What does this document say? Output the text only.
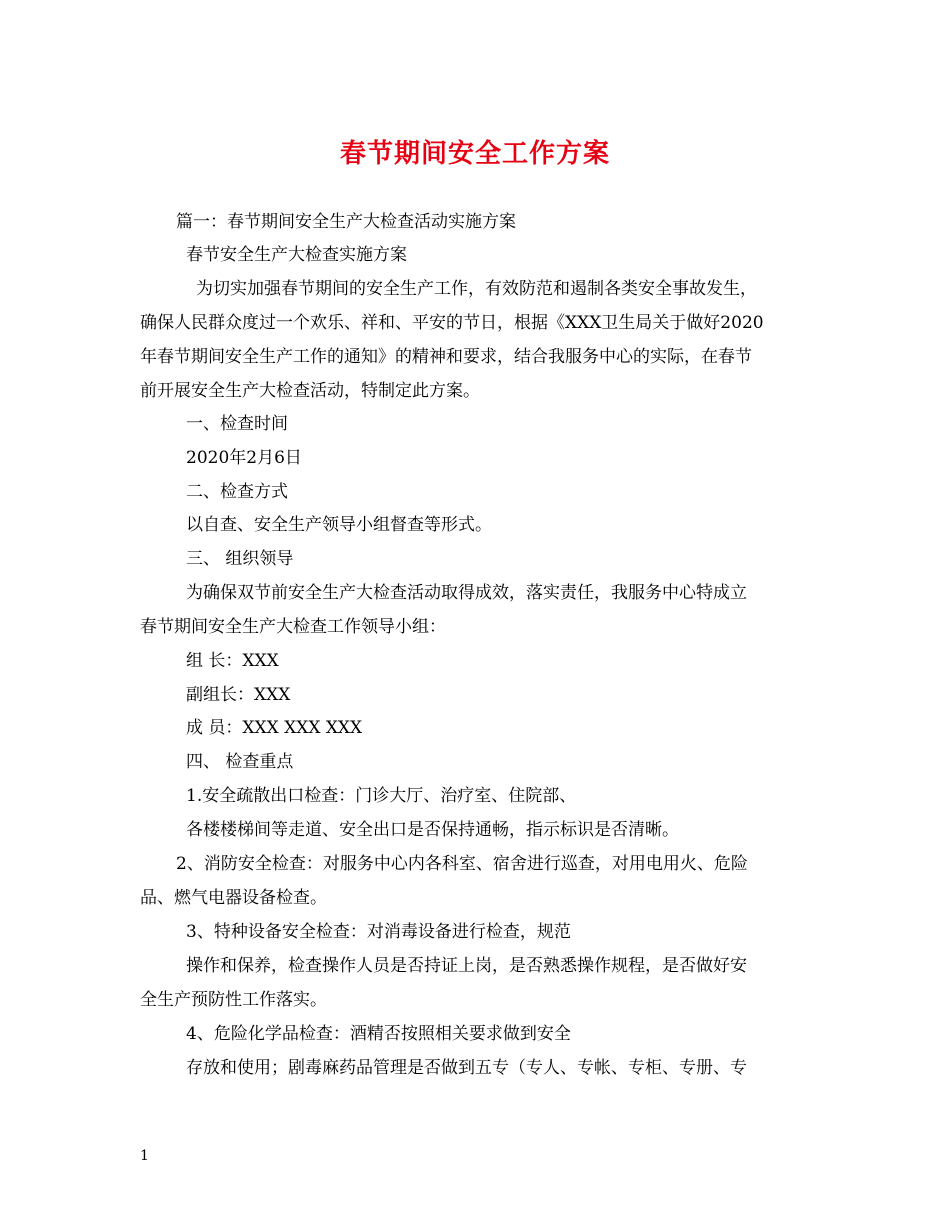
春节期间安全工作方案
篇一：春节期间安全生产大检查活动实施方案
春节安全生产大检查实施方案
为切实加强春节期间的安全生产工作，有效防范和遏制各类安全事故发生，
确保人民群众度过一个欢乐、祥和、平安的节日，根据《XXX卫生局关于做好2020
年春节期间安全生产工作的通知》的精神和要求，结合我服务中心的实际，在春节
前开展安全生产大检查活动，特制定此方案。
一、检查时间
2020年2月6日
二、检查方式
以自查、安全生产领导小组督查等形式。
三、 组织领导
为确保双节前安全生产大检查活动取得成效，落实责任，我服务中心特成立
春节期间安全生产大检查工作领导小组：
组 长：XXX
副组长：XXX
成 员：XXX XXX XXX
四、 检查重点
1.安全疏散出口检查：门诊大厅、治疗室、住院部、
各楼楼梯间等走道、安全出口是否保持通畅，指示标识是否清晰。
2、消防安全检查：对服务中心内各科室、宿舍进行巡查，对用电用火、危险
品、燃气电器设备检查。
3、特种设备安全检查：对消毒设备进行检查，规范
操作和保养，检查操作人员是否持证上岗，是否熟悉操作规程，是否做好安
全生产预防性工作落实。
4、危险化学品检查：酒精否按照相关要求做到安全
存放和使用；剧毒麻药品管理是否做到五专（专人、专帐、专柜、专册、专
1
